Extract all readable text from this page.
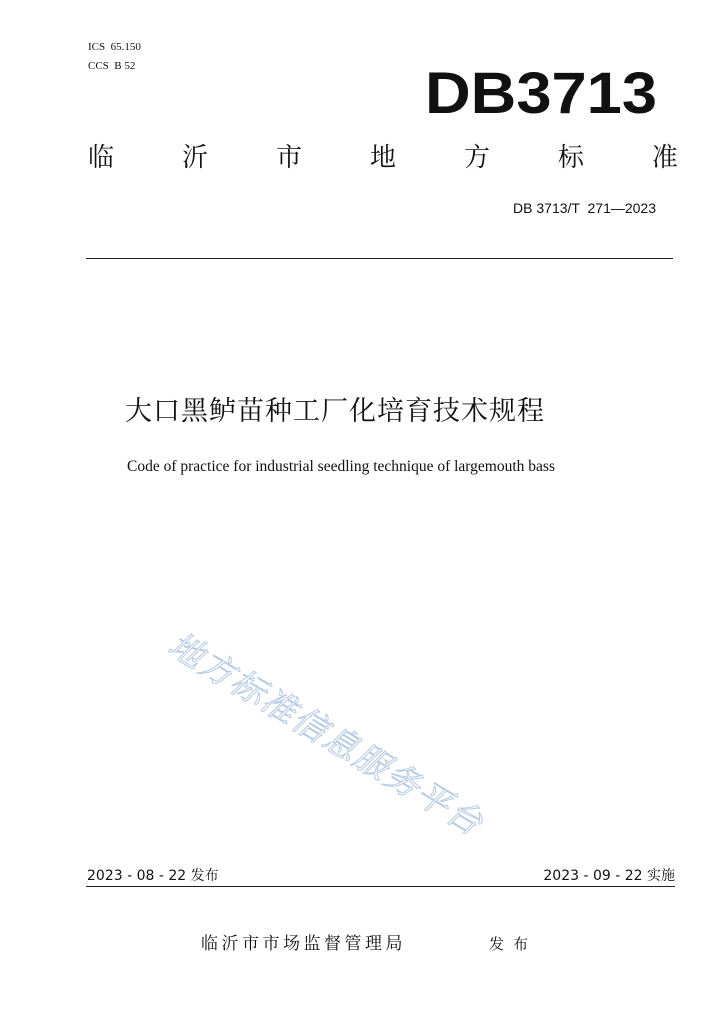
ICS  65.150
CCS  B 52	DB3713
临	沂	市	地	方	标	准
DB 3713/T  271—2023
大口黑鲈苗种工厂化培育技术规程
Code of practice for industrial seedling technique of largemouth bass
地方标准信息服务平台
2023 - 08 - 22 发布	2023 - 09 - 22 实施
临沂市市场监督管理局	发布
